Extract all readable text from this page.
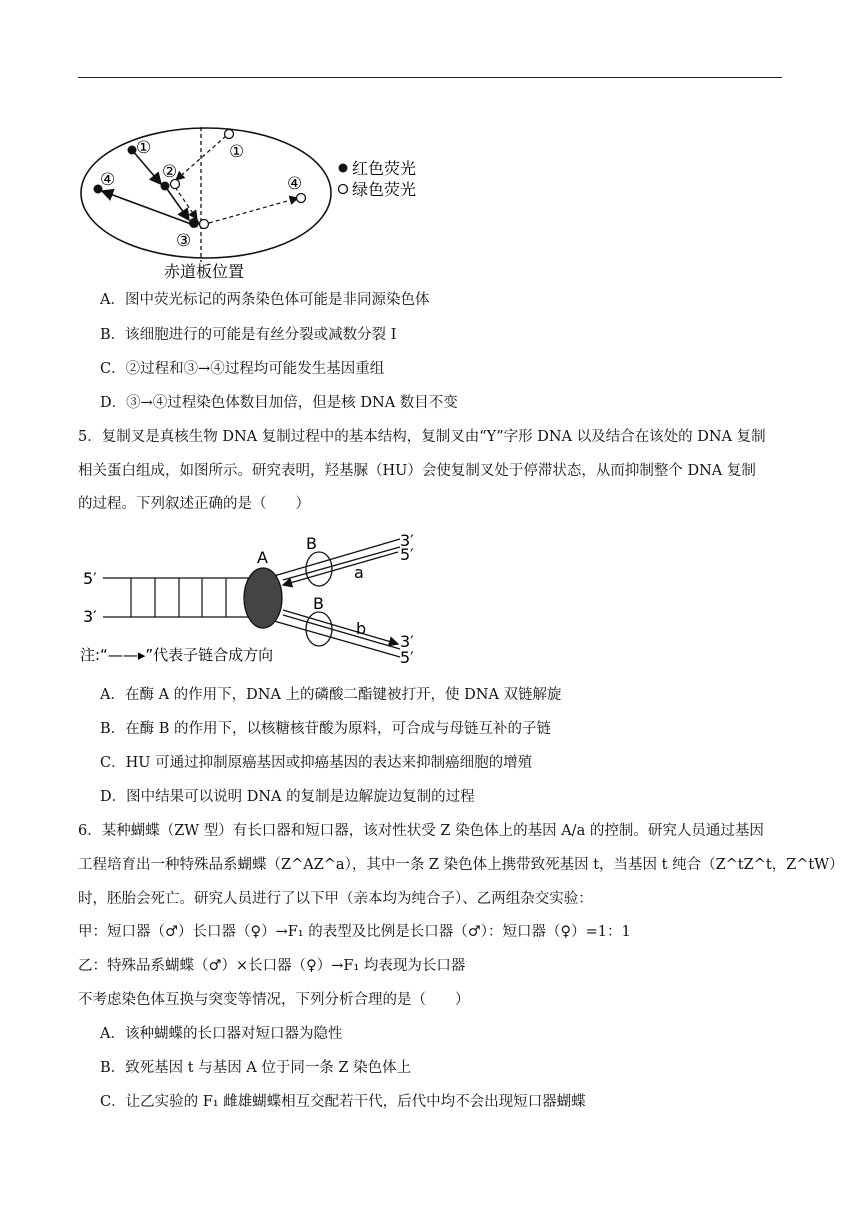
①	①
②
③
④	④
红色荧光
绿色荧光
赤道板位置
A．图中荧光标记的两条染色体可能是非同源染色体
B．该细胞进行的可能是有丝分裂或减数分裂 I
C．②过程和③→④过程均可能发生基因重组
D．③→④过程染色体数目加倍，但是核 DNA 数目不变
5．复制叉是真核生物 DNA 复制过程中的基本结构，复制叉由“Y”字形 DNA 以及结合在该处的 DNA 复制
相关蛋白组成，如图所示。研究表明，羟基脲（HU）会使复制叉处于停滞状态，从而抑制整个 DNA 复制
的过程。下列叙述正确的是（　　）
A
B
B
a
b
5′
3′
3′
5′
3′
5′
注:“——▸”代表子链合成方向
A．在酶 A 的作用下，DNA 上的磷酸二酯键被打开，使 DNA 双链解旋
B．在酶 B 的作用下，以核糖核苷酸为原料，可合成与母链互补的子链
C．HU 可通过抑制原癌基因或抑癌基因的表达来抑制癌细胞的增殖
D．图中结果可以说明 DNA 的复制是边解旋边复制的过程
6．某种蝴蝶（ZW 型）有长口器和短口器，该对性状受 Z 染色体上的基因 A/a 的控制。研究人员通过基因
工程培育出一种特殊品系蝴蝶（Z^AZ^a），其中一条 Z 染色体上携带致死基因 t，当基因 t 纯合（Z^tZ^t，Z^tW）
时，胚胎会死亡。研究人员进行了以下甲（亲本均为纯合子）、乙两组杂交实验：
甲：短口器（♂）长口器（♀）→F₁ 的表型及比例是长口器（♂）：短口器（♀）=1：1
乙：特殊品系蝴蝶（♂）×长口器（♀）→F₁ 均表现为长口器
不考虑染色体互换与突变等情况，下列分析合理的是（　　）
A．该种蝴蝶的长口器对短口器为隐性
B．致死基因 t 与基因 A 位于同一条 Z 染色体上
C．让乙实验的 F₁ 雌雄蝴蝶相互交配若干代，后代中均不会出现短口器蝴蝶
